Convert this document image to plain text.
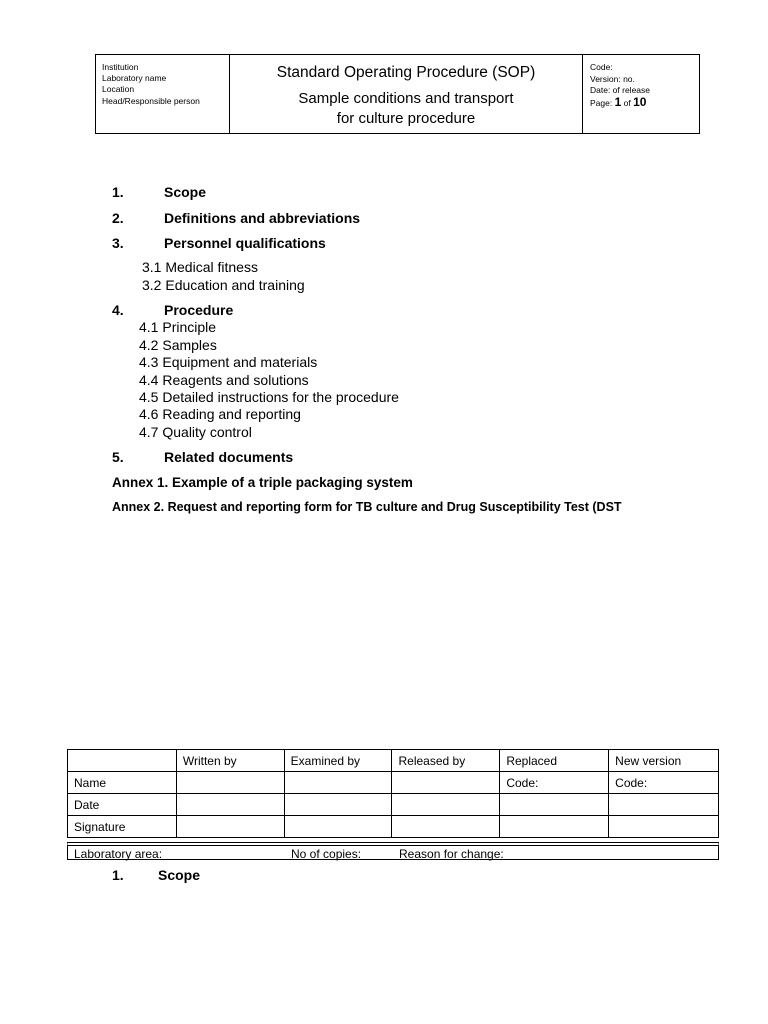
Institution
Laboratory name
Location
Head/Responsible person
Standard Operating Procedure (SOP)
Sample conditions and transport
for culture procedure
Code:
Version: no.
Date: of release
Page: 1 of 10
1.	Scope
2.	Definitions and abbreviations
3.	Personnel qualifications
3.1 Medical fitness
3.2 Education and training
4.	Procedure
4.1 Principle
4.2 Samples
4.3 Equipment and materials
4.4 Reagents and solutions
4.5 Detailed instructions for the procedure
4.6 Reading and reporting
4.7 Quality control
5.	Related documents
Annex 1. Example of a triple packaging system
Annex 2. Request and reporting form for TB culture and Drug Susceptibility Test (DST
	Written by	Examined by	Released by	Replaced	New version
Name				Code:	Code:
Date					
Signature					
Laboratory area:	No of copies:	Reason for change:
1. Scope
